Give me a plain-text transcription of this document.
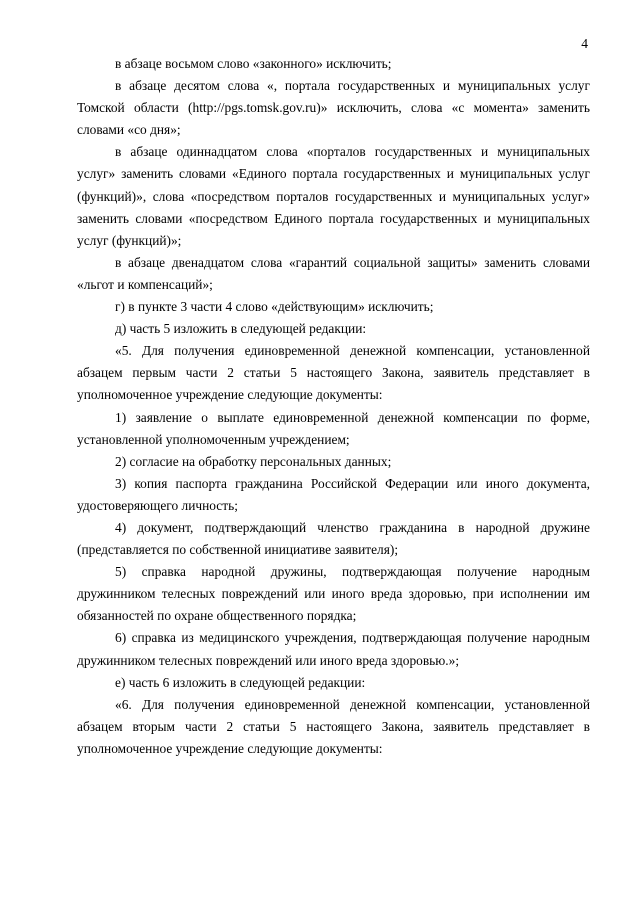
4

в абзаце восьмом слово «законного» исключить;

в абзаце десятом слова «, портала государственных и муниципальных услуг Томской области (http://pgs.tomsk.gov.ru)» исключить, слова «с момента» заменить словами «со дня»;

в абзаце одиннадцатом слова «порталов государственных и муниципальных услуг» заменить словами «Единого портала государственных и муниципальных услуг (функций)», слова «посредством порталов государственных и муниципальных услуг» заменить словами «посредством Единого портала государственных и муниципальных услуг (функций)»;

в абзаце двенадцатом слова «гарантий социальной защиты» заменить словами «льгот и компенсаций»;

г) в пункте 3 части 4 слово «действующим» исключить;

д) часть 5 изложить в следующей редакции:

«5. Для получения единовременной денежной компенсации, установленной абзацем первым части 2 статьи 5 настоящего Закона, заявитель представляет в уполномоченное учреждение следующие документы:

1) заявление о выплате единовременной денежной компенсации по форме, установленной уполномоченным учреждением;

2) согласие на обработку персональных данных;

3) копия паспорта гражданина Российской Федерации или иного документа, удостоверяющего личность;

4) документ, подтверждающий членство гражданина в народной дружине (представляется по собственной инициативе заявителя);

5) справка народной дружины, подтверждающая получение народным дружинником телесных повреждений или иного вреда здоровью, при исполнении им обязанностей по охране общественного порядка;

6) справка из медицинского учреждения, подтверждающая получение народным дружинником телесных повреждений или иного вреда здоровью.»;

е) часть 6 изложить в следующей редакции:

«6. Для получения единовременной денежной компенсации, установленной абзацем вторым части 2 статьи 5 настоящего Закона, заявитель представляет в уполномоченное учреждение следующие документы:
